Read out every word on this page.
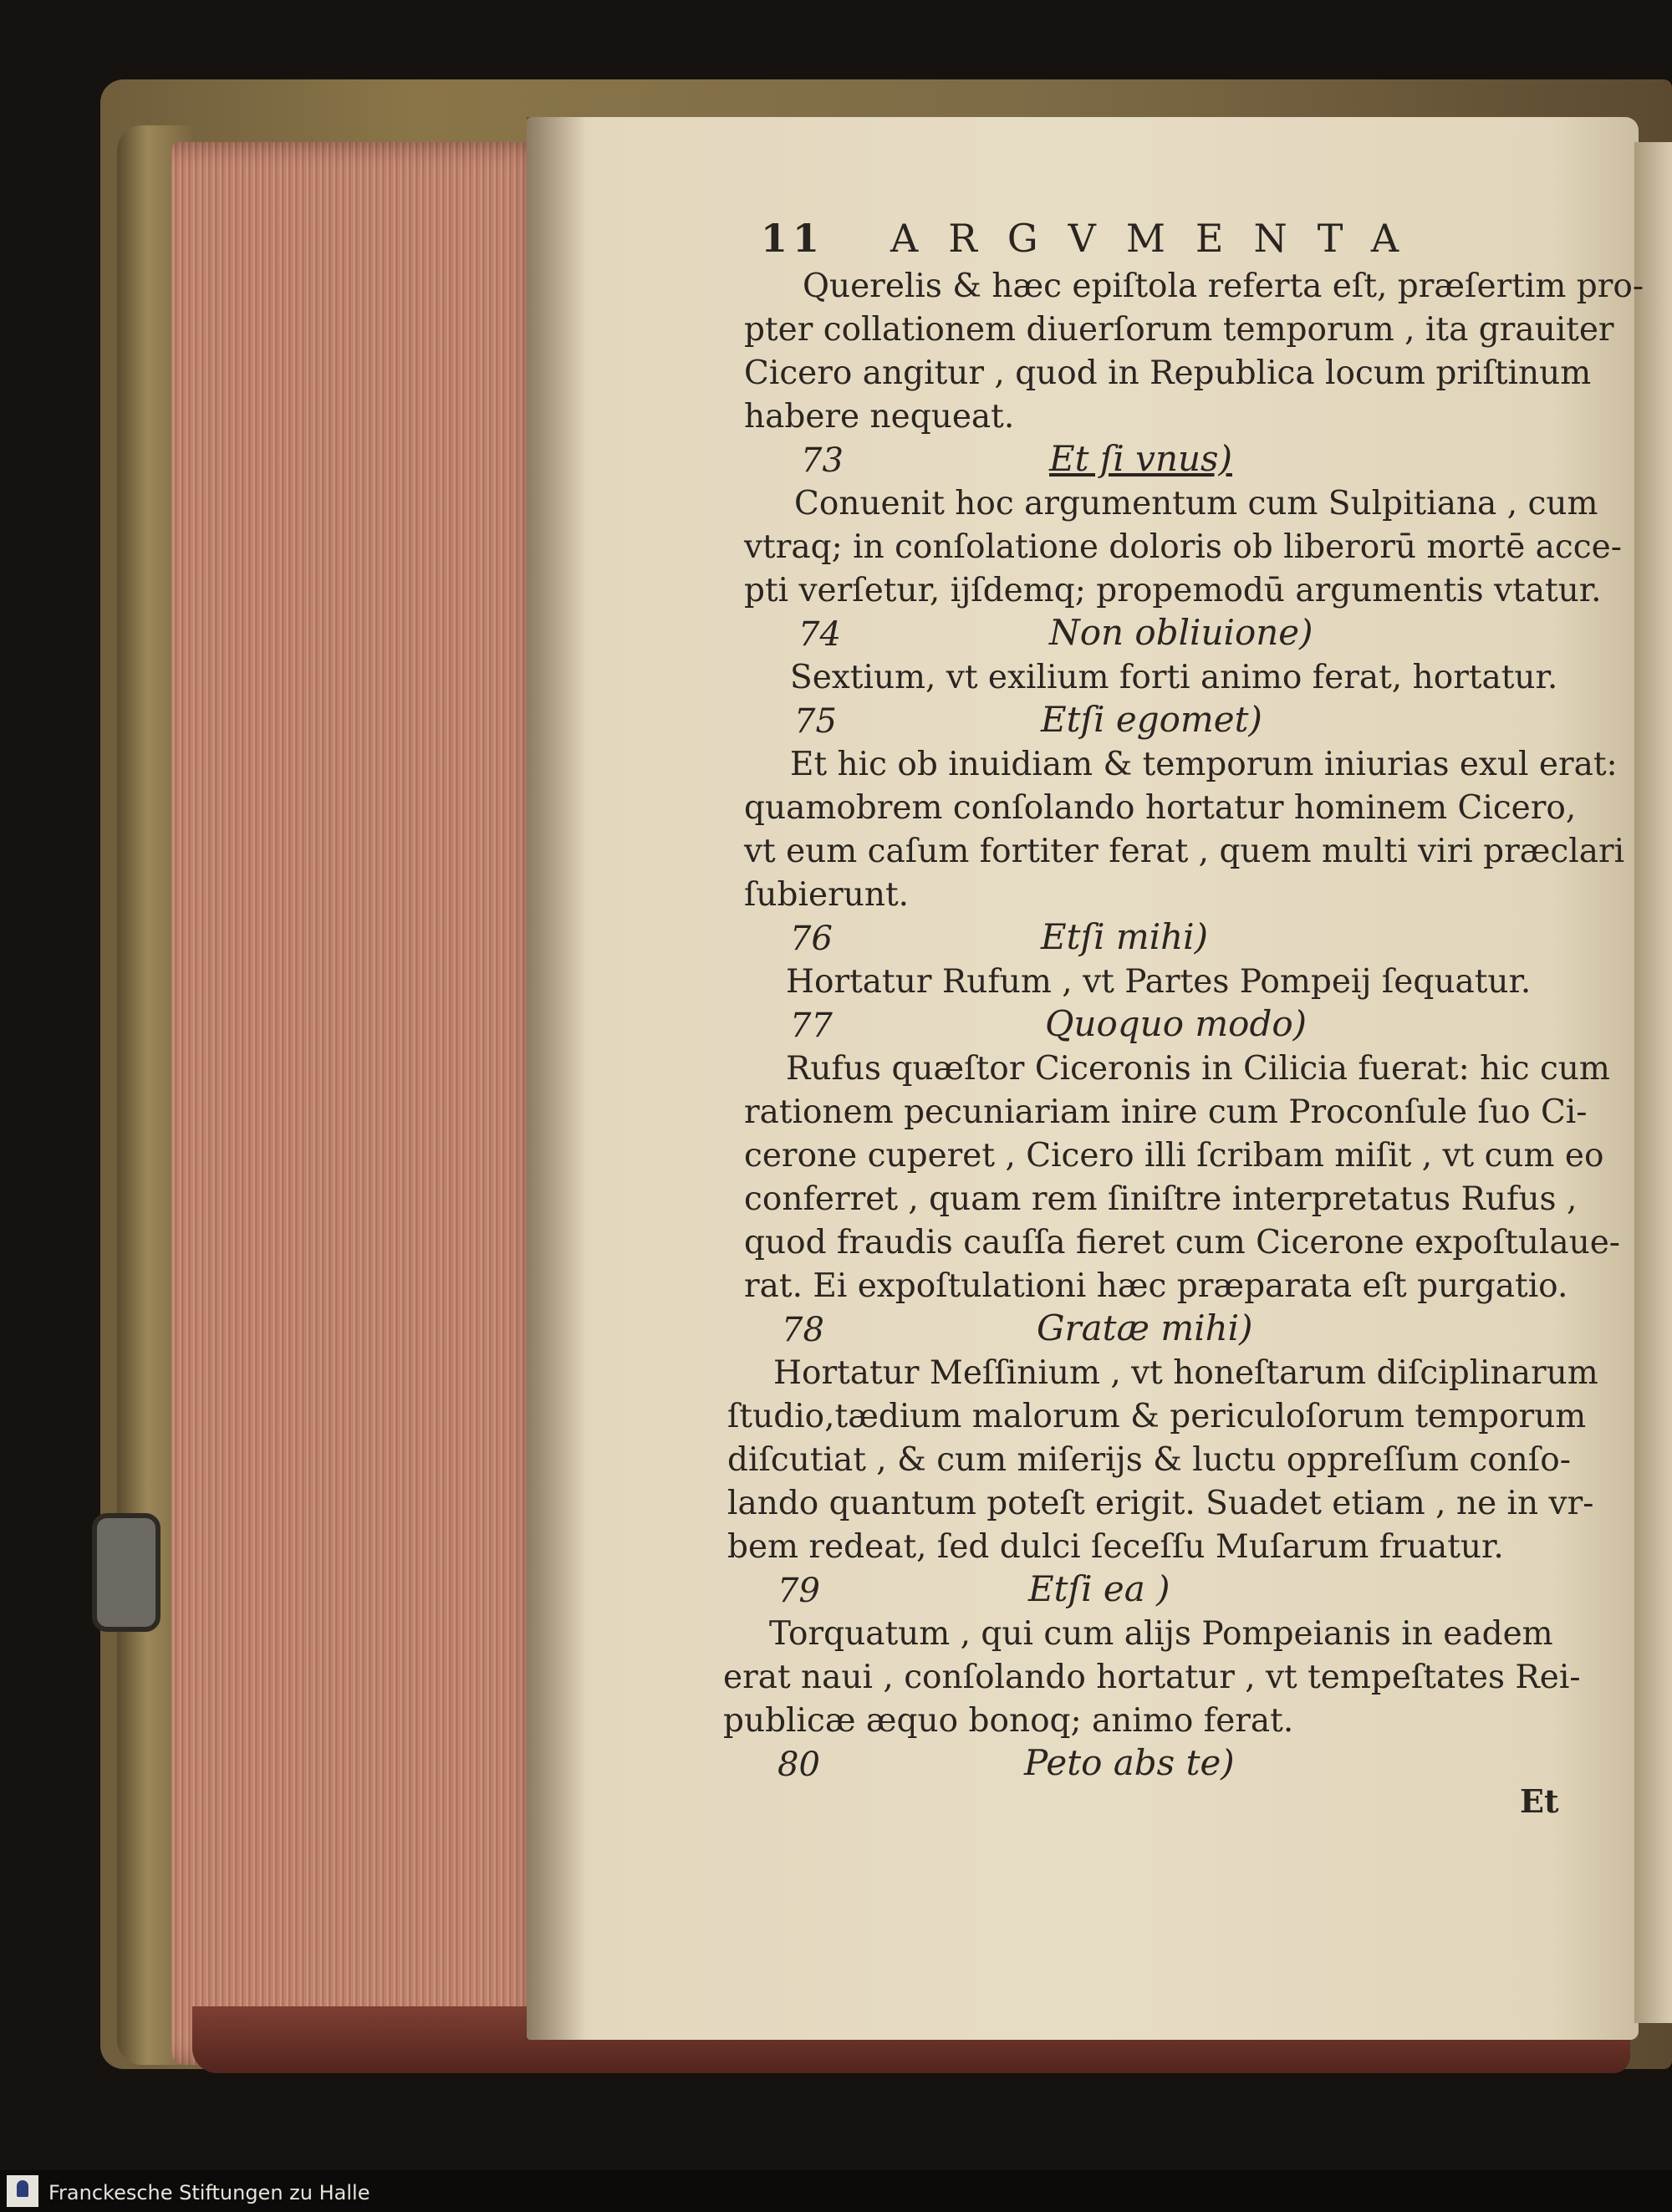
11 ARGVMENTA
Querelis & hæc epiſtola referta eſt, præſertim pro-
pter collationem diuerſorum temporum , ita grauiter
Cicero angitur , quod in Republica locum priſtinum
habere nequeat.
73	Et ſi vnus)
Conuenit hoc argumentum cum Sulpitiana , cum
vtraq; in conſolatione doloris ob liberorū mortē acce-
pti verſetur, ijſdemq; propemodū argumentis vtatur.
74	Non obliuione)
Sextium, vt exilium forti animo ferat, hortatur.
75	Etſi egomet)
Et hic ob inuidiam & temporum iniurias exul erat:
quamobrem conſolando hortatur hominem Cicero,
vt eum caſum fortiter ferat , quem multi viri præclari
ſubierunt.
76	Etſi mihi)
Hortatur Rufum , vt Partes Pompeij ſequatur.
77	Quoquo modo)
Rufus quæſtor Ciceronis in Cilicia fuerat: hic cum
rationem pecuniariam inire cum Proconſule ſuo Ci-
cerone cuperet , Cicero illi ſcribam miſit , vt cum eo
conferret , quam rem ſiniſtre interpretatus Rufus ,
quod fraudis cauſſa fieret cum Cicerone expoſtulaue-
rat. Ei expoſtulationi hæc præparata eſt purgatio.
78	Gratæ mihi)
Hortatur Meſſinium , vt honeſtarum diſciplinarum
ſtudio,tædium malorum & periculoſorum temporum
diſcutiat , & cum miſerijs & luctu oppreſſum conſo-
lando quantum poteſt erigit. Suadet etiam , ne in vr-
bem redeat, ſed dulci ſeceſſu Muſarum fruatur.
79	Etſi ea )
Torquatum , qui cum alijs Pompeianis in eadem
erat naui , conſolando hortatur , vt tempeſtates Rei-
publicæ æquo bonoq; animo ferat.
80	Peto abs te)
Et
Franckesche Stiftungen zu Halle
